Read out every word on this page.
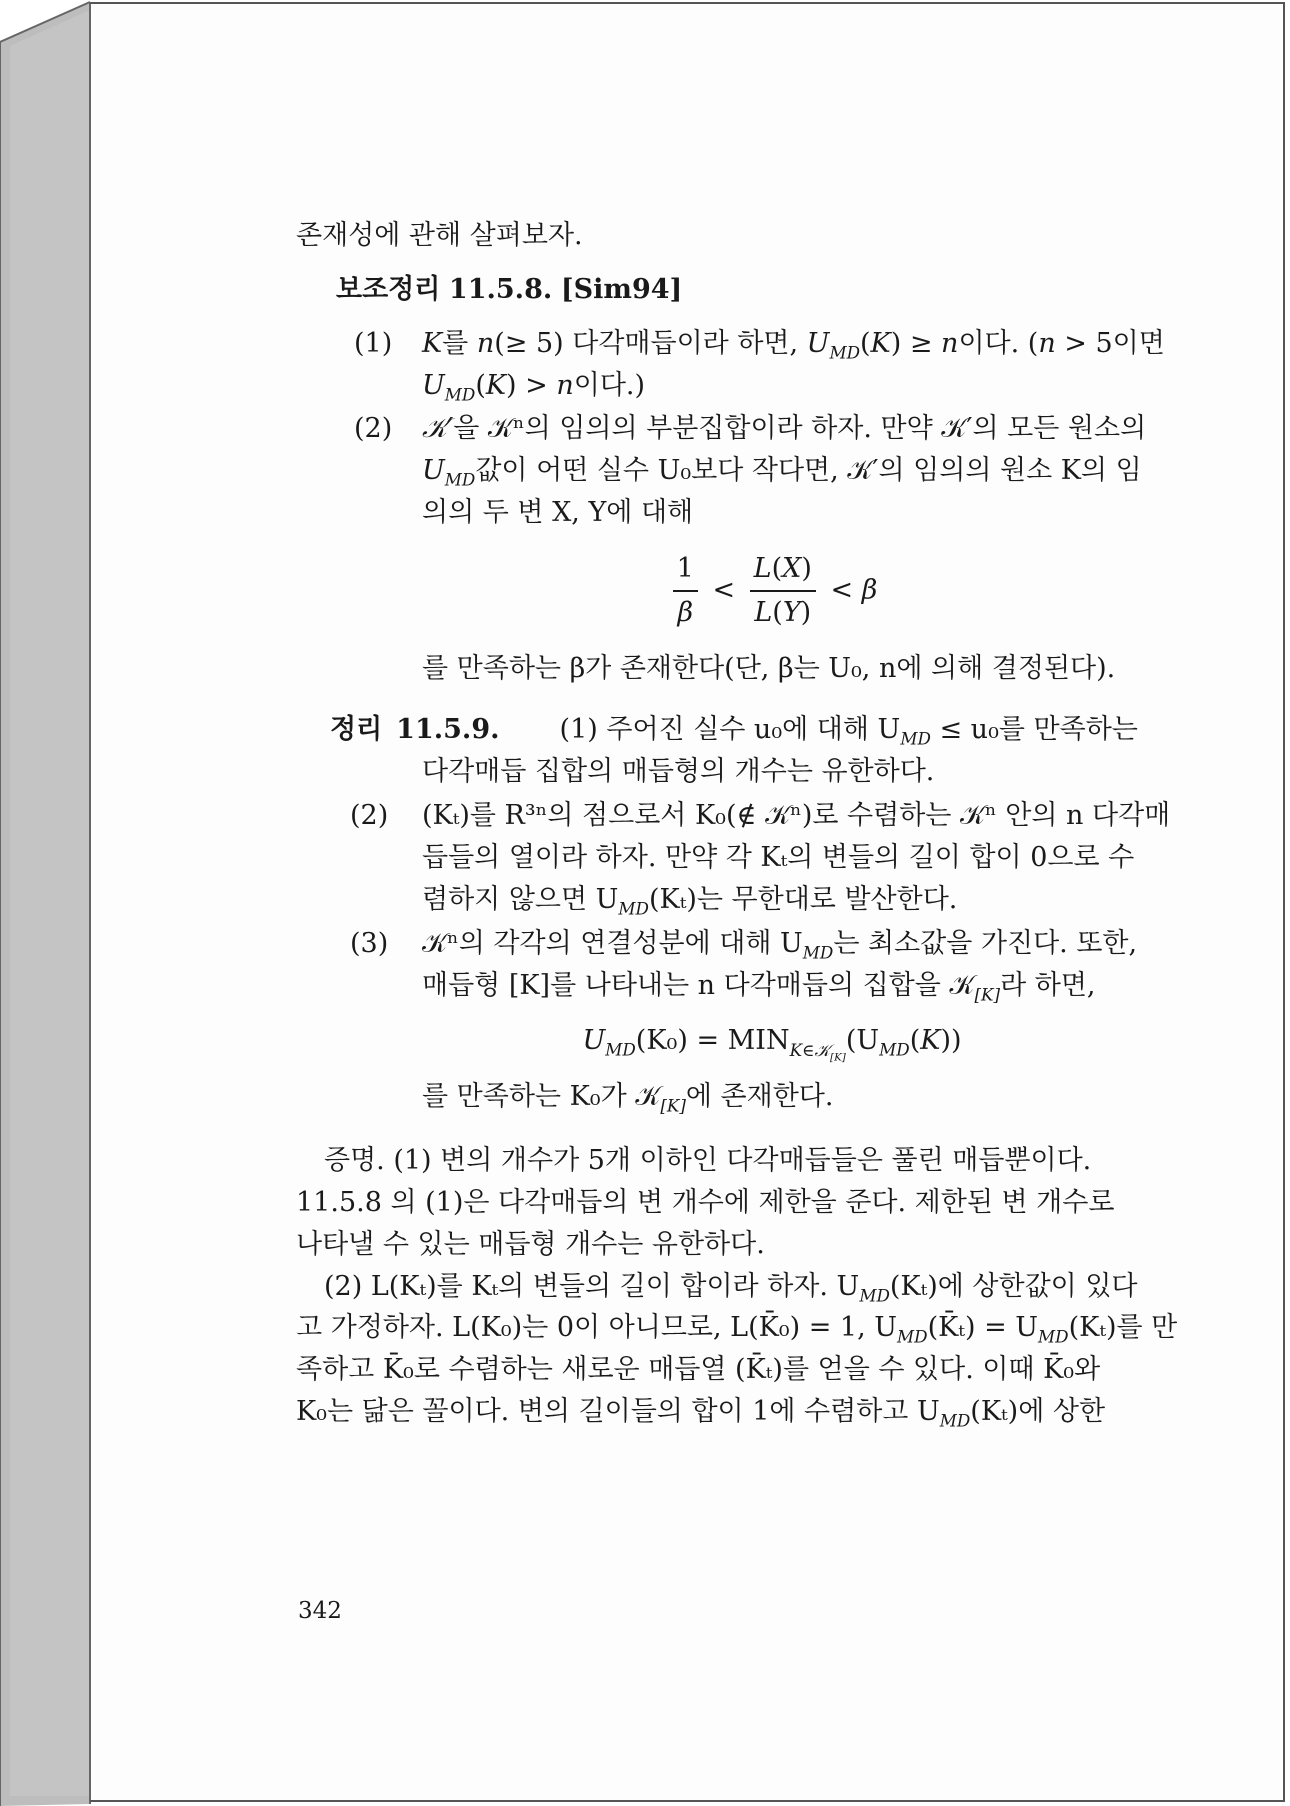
존재성에 관해 살펴보자.
보조정리 11.5.8. [Sim94]
(1)	K를 n(≥ 5) 다각매듭이라 하면, $U_{MD}(K) \ge n$이다. (n > 5이면
$U_{MD}(K) > n$이다.)
(2)	𝒦′을 𝒦ⁿ의 임의의 부분집합이라 하자. 만약 𝒦′의 모든 원소의
$U_{MD}$값이 어떤 실수 U₀보다 작다면, 𝒦′의 임의의 원소 K의 임
의의 두 변 X, Y에 대해
$\frac{1}{\beta} < \frac{L(X)}{L(Y)} < \beta$
를 만족하는 β가 존재한다(단, β는 U₀, n에 의해 결정된다).
정리 11.5.9. (1) 주어진 실수 u₀에 대해 $U_{MD} \le u_0$를 만족하는
다각매듭 집합의 매듭형의 개수는 유한하다.
(2)	(Kₜ)를 R³ⁿ의 점으로서 K₀(∉ 𝒦ⁿ)로 수렴하는 𝒦ⁿ 안의 n 다각매
듭들의 열이라 하자. 만약 각 Kₜ의 변들의 길이 합이 0으로 수
렴하지 않으면 $U_{MD}(K_t)$는 무한대로 발산한다.
(3)	𝒦ⁿ의 각각의 연결성분에 대해 $U_{MD}$는 최소값을 가진다. 또한,
매듭형 [K]를 나타내는 n 다각매듭의 집합을 𝒦$_{[K]}$라 하면,
$U_{MD}(K_0) = MIN_{K\in 𝒦_{[K]}}(U_{MD}(K))$
를 만족하는 K₀가 𝒦$_{[K]}$에 존재한다.
증명. (1) 변의 개수가 5개 이하인 다각매듭들은 풀린 매듭뿐이다.
11.5.8 의 (1)은 다각매듭의 변 개수에 제한을 준다. 제한된 변 개수로
나타낼 수 있는 매듭형 개수는 유한하다.
(2) L(Kₜ)를 Kₜ의 변들의 길이 합이라 하자. $U_{MD}(K_t)$에 상한값이 있다
고 가정하자. L(K₀)는 0이 아니므로, L(K̄₀) = 1, $U_{MD}(K̄_t) = U_{MD}(K_t)$를 만
족하고 K̄₀로 수렴하는 새로운 매듭열 (K̄ₜ)를 얻을 수 있다. 이때 K̄₀와
K₀는 닮은 꼴이다. 변의 길이들의 합이 1에 수렴하고 $U_{MD}(K_t)$에 상한
342
